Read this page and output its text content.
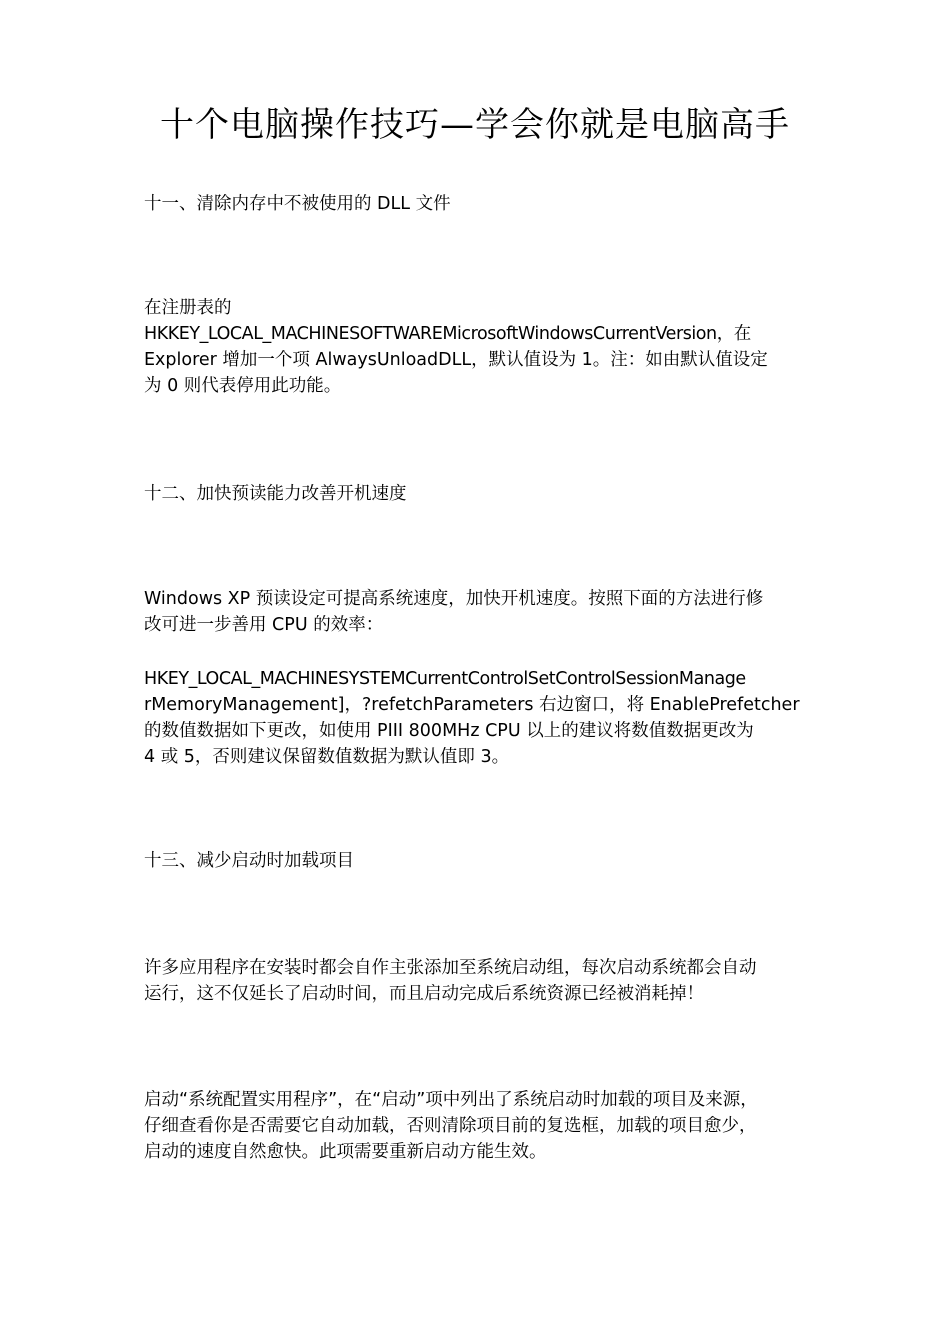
十个电脑操作技巧—学会你就是电脑高手
十一、清除内存中不被使用的 DLL 文件
在注册表的
HKKEY_LOCAL_MACHINESOFTWAREMicrosoftWindowsCurrentVersion，在
Explorer 增加一个项 AlwaysUnloadDLL，默认值设为 1。注：如由默认值设定
为 0 则代表停用此功能。
十二、加快预读能力改善开机速度
Windows XP 预读设定可提高系统速度，加快开机速度。按照下面的方法进行修
改可进一步善用 CPU 的效率：
HKEY_LOCAL_MACHINESYSTEMCurrentControlSetControlSessionManage
rMemoryManagement]，?refetchParameters 右边窗口，将 EnablePrefetcher
的数值数据如下更改，如使用 PIII 800MHz CPU 以上的建议将数值数据更改为
4 或 5，否则建议保留数值数据为默认值即 3。
十三、减少启动时加载项目
许多应用程序在安装时都会自作主张添加至系统启动组，每次启动系统都会自动
运行，这不仅延长了启动时间，而且启动完成后系统资源已经被消耗掉！
启动“系统配置实用程序”，在“启动”项中列出了系统启动时加载的项目及来源，
仔细查看你是否需要它自动加载，否则清除项目前的复选框，加载的项目愈少，
启动的速度自然愈快。此项需要重新启动方能生效。
